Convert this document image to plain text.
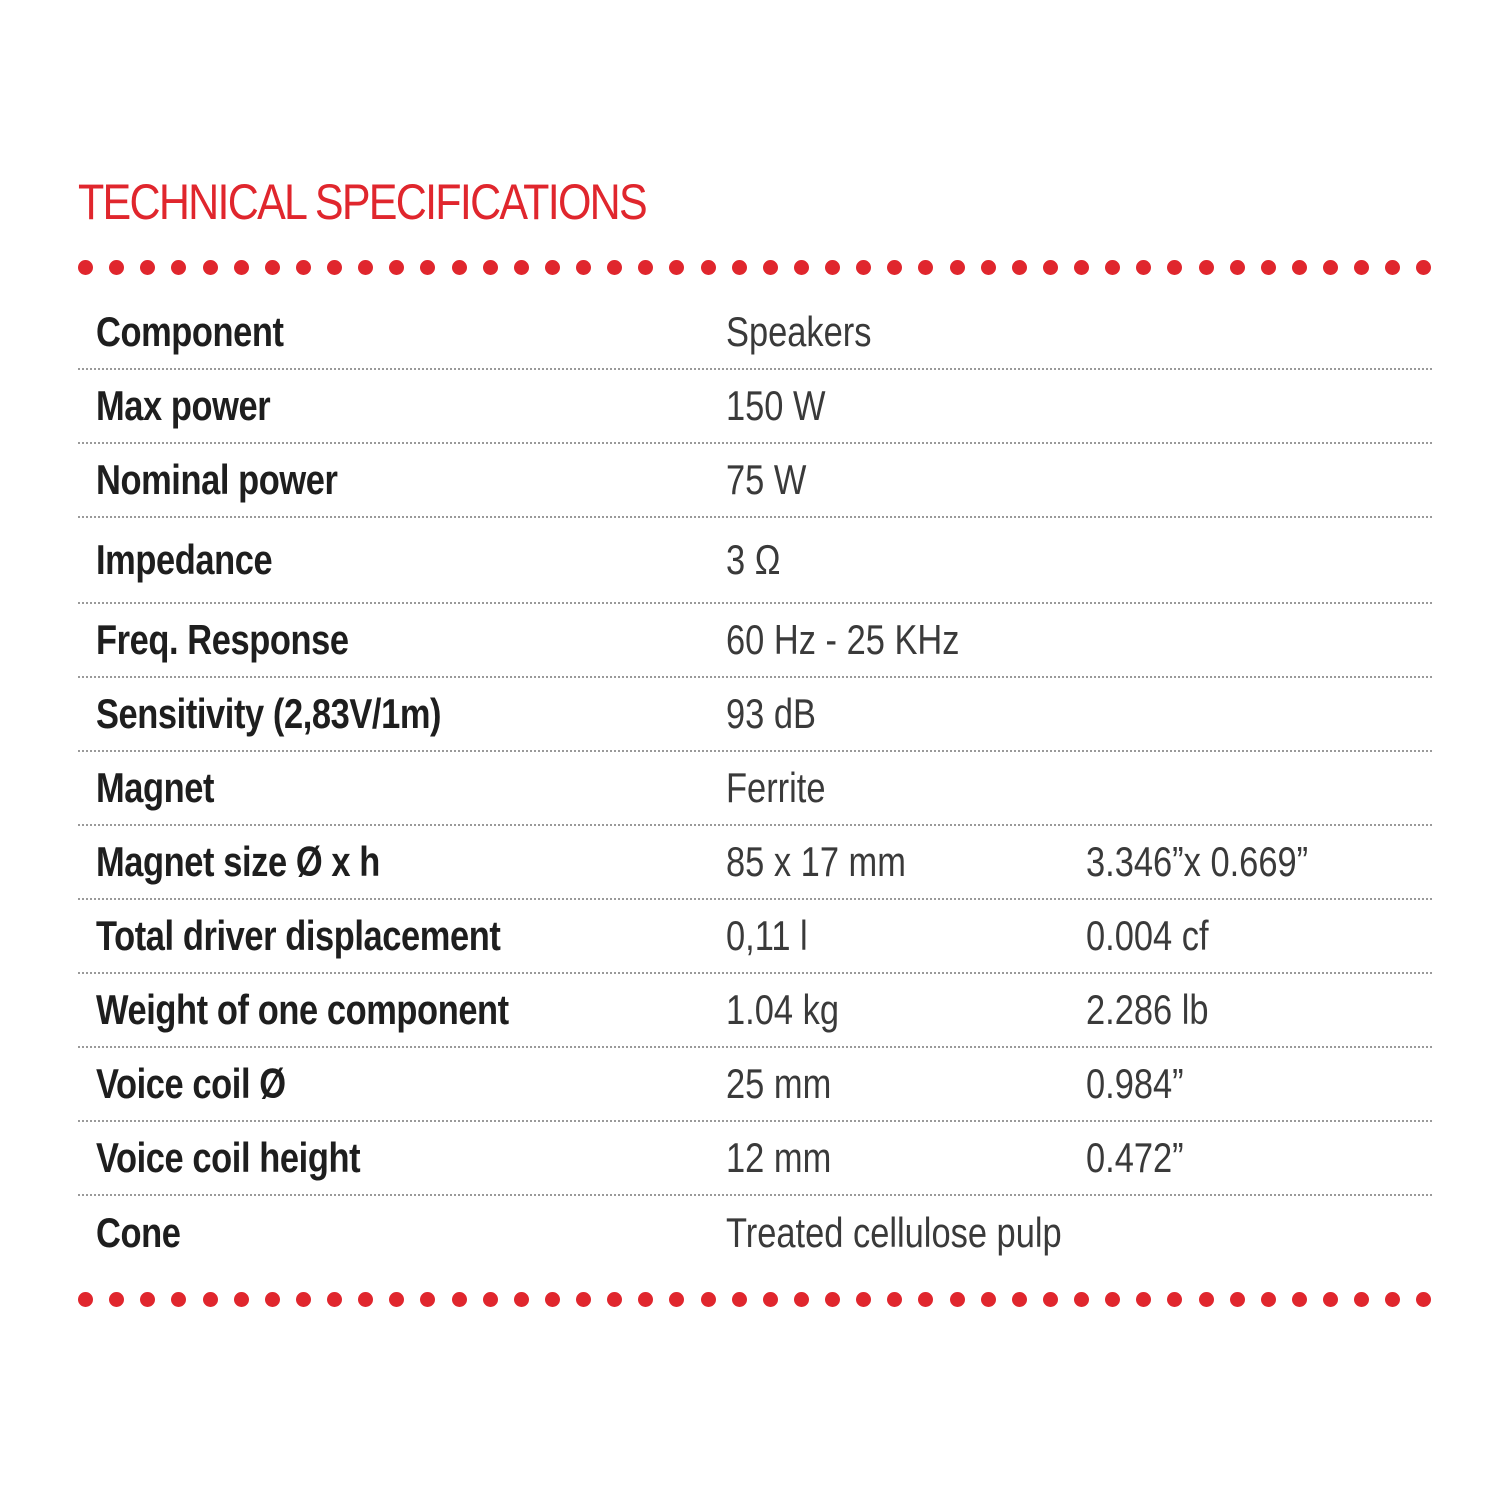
TECHNICAL SPECIFICATIONS
Component	Speakers
Max power	150 W
Nominal power	75 W
Impedance	3 Ω
Freq. Response	60 Hz - 25 KHz
Sensitivity (2,83V/1m)	93 dB
Magnet	Ferrite
Magnet size Ø x h	85 x 17 mm	3.346”x 0.669”
Total driver displacement	0,11 l	0.004 cf
Weight of one component	1.04 kg	2.286 lb
Voice coil Ø	25 mm	0.984”
Voice coil height	12 mm	0.472”
Cone	Treated cellulose pulp
